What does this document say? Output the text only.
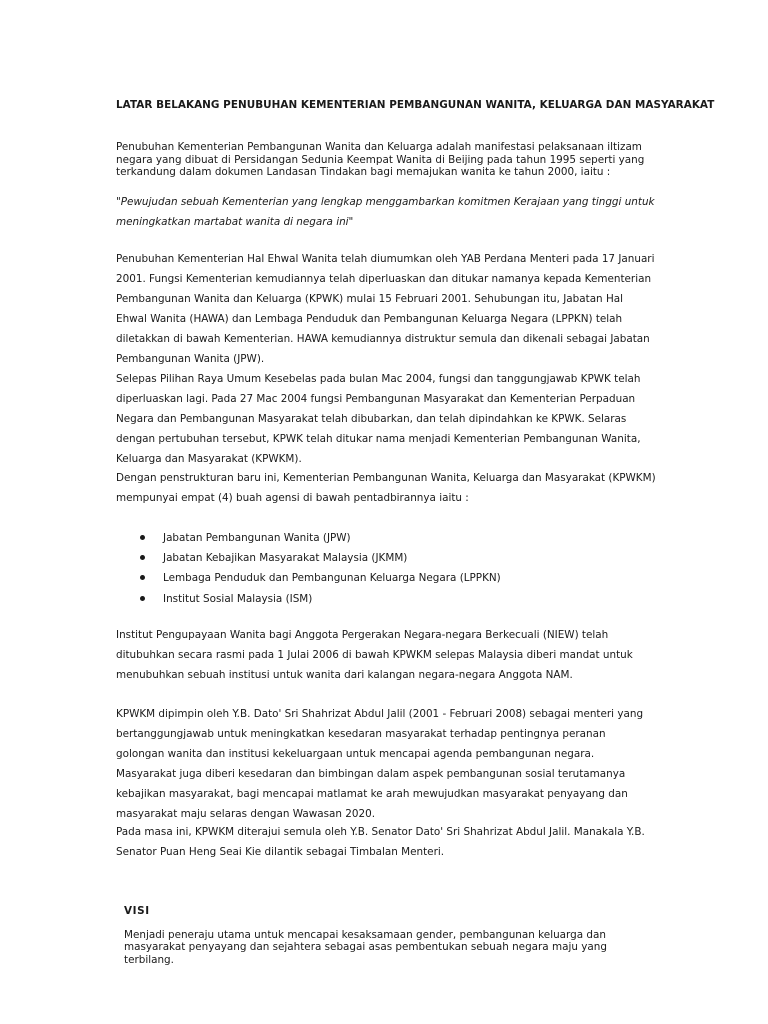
LATAR BELAKANG PENUBUHAN KEMENTERIAN PEMBANGUNAN WANITA, KELUARGA DAN MASYARAKAT

Penubuhan Kementerian Pembangunan Wanita dan Keluarga adalah manifestasi pelaksanaan iltizam negara yang dibuat di Persidangan Sedunia Keempat Wanita di Beijing pada tahun 1995 seperti yang terkandung dalam dokumen Landasan Tindakan bagi memajukan wanita ke tahun 2000, iaitu :

"Pewujudan sebuah Kementerian yang lengkap menggambarkan komitmen Kerajaan yang tinggi untuk meningkatkan martabat wanita di negara ini"

Penubuhan Kementerian Hal Ehwal Wanita telah diumumkan oleh YAB Perdana Menteri pada 17 Januari 2001. Fungsi Kementerian kemudiannya telah diperluaskan dan ditukar namanya kepada Kementerian Pembangunan Wanita dan Keluarga (KPWK) mulai 15 Februari 2001. Sehubungan itu, Jabatan Hal Ehwal Wanita (HAWA) dan Lembaga Penduduk dan Pembangunan Keluarga Negara (LPPKN) telah diletakkan di bawah Kementerian. HAWA kemudiannya distruktur semula dan dikenali sebagai Jabatan Pembangunan Wanita (JPW).

Selepas Pilihan Raya Umum Kesebelas pada bulan Mac 2004, fungsi dan tanggungjawab KPWK telah diperluaskan lagi. Pada 27 Mac 2004 fungsi Pembangunan Masyarakat dan Kementerian Perpaduan Negara dan Pembangunan Masyarakat telah dibubarkan, dan telah dipindahkan ke KPWK. Selaras dengan pertubuhan tersebut, KPWK telah ditukar nama menjadi Kementerian Pembangunan Wanita, Keluarga dan Masyarakat (KPWKM).

Dengan penstrukturan baru ini, Kementerian Pembangunan Wanita, Keluarga dan Masyarakat (KPWKM) mempunyai empat (4) buah agensi di bawah pentadbirannya iaitu :

Jabatan Pembangunan Wanita (JPW)
Jabatan Kebajikan Masyarakat Malaysia (JKMM)
Lembaga Penduduk dan Pembangunan Keluarga Negara (LPPKN)
Institut Sosial Malaysia (ISM)

Institut Pengupayaan Wanita bagi Anggota Pergerakan Negara-negara Berkecuali (NIEW) telah ditubuhkan secara rasmi pada 1 Julai 2006 di bawah KPWKM selepas Malaysia diberi mandat untuk menubuhkan sebuah institusi untuk wanita dari kalangan negara-negara Anggota NAM.

KPWKM dipimpin oleh Y.B. Dato' Sri Shahrizat Abdul Jalil (2001 - Februari 2008) sebagai menteri yang bertanggungjawab untuk meningkatkan kesedaran masyarakat terhadap pentingnya peranan golongan wanita dan institusi kekeluargaan untuk mencapai agenda pembangunan negara. Masyarakat juga diberi kesedaran dan bimbingan dalam aspek pembangunan sosial terutamanya kebajikan masyarakat, bagi mencapai matlamat ke arah mewujudkan masyarakat penyayang dan masyarakat maju selaras dengan Wawasan 2020.

Pada masa ini, KPWKM diterajui semula oleh Y.B. Senator Dato' Sri Shahrizat Abdul Jalil. Manakala Y.B. Senator Puan Heng Seai Kie dilantik sebagai Timbalan Menteri.

VISI

Menjadi peneraju utama untuk mencapai kesaksamaan gender, pembangunan keluarga dan masyarakat penyayang dan sejahtera sebagai asas pembentukan sebuah negara maju yang terbilang.
